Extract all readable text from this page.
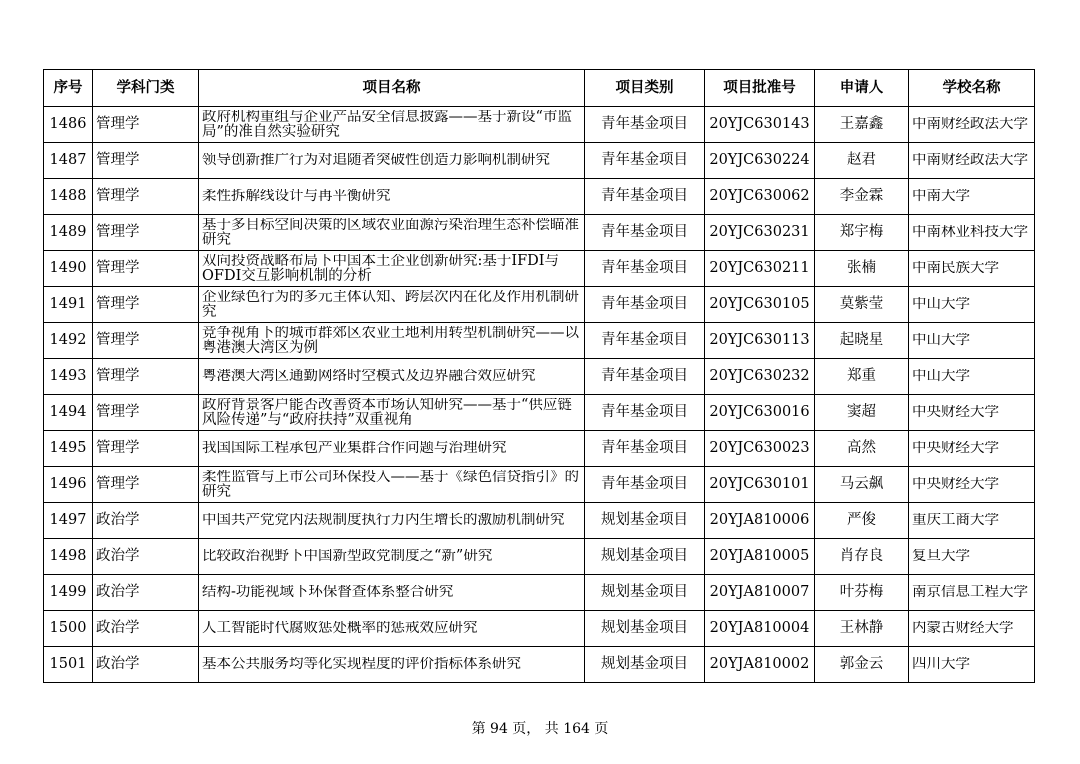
序号	学科门类	项目名称	项目类别	项目批准号	申请人	学校名称
1486	管理学	政府机构重组与企业产品安全信息披露——基于新设“市监局”的准自然实验研究	青年基金项目	20YJC630143	王嘉鑫	中南财经政法大学

1487	管理学	领导创新推广行为对追随者突破性创造力影响机制研究	青年基金项目	20YJC630224	赵君	中南财经政法大学

1488	管理学	柔性拆解线设计与再平衡研究	青年基金项目	20YJC630062	李金霖	中南大学

1489	管理学	基于多目标空间决策的区域农业面源污染治理生态补偿瞄准研究	青年基金项目	20YJC630231	郑宇梅	中南林业科技大学

1490	管理学	双向投资战略布局下中国本土企业创新研究:基于IFDI与OFDI交互影响机制的分析	青年基金项目	20YJC630211	张楠	中南民族大学

1491	管理学	企业绿色行为的多元主体认知、跨层次内在化及作用机制研究	青年基金项目	20YJC630105	莫紫莹	中山大学

1492	管理学	竞争视角下的城市群郊区农业土地利用转型机制研究——以粤港澳大湾区为例	青年基金项目	20YJC630113	起晓星	中山大学

1493	管理学	粤港澳大湾区通勤网络时空模式及边界融合效应研究	青年基金项目	20YJC630232	郑重	中山大学

1494	管理学	政府背景客户能否改善资本市场认知研究——基于“供应链风险传递”与“政府扶持”双重视角	青年基金项目	20YJC630016	窦超	中央财经大学

1495	管理学	我国国际工程承包产业集群合作问题与治理研究	青年基金项目	20YJC630023	高然	中央财经大学

1496	管理学	柔性监管与上市公司环保投入——基于《绿色信贷指引》的研究	青年基金项目	20YJC630101	马云飙	中央财经大学

1497	政治学	中国共产党党内法规制度执行力内生增长的激励机制研究	规划基金项目	20YJA810006	严俊	重庆工商大学

1498	政治学	比较政治视野下中国新型政党制度之“新”研究	规划基金项目	20YJA810005	肖存良	复旦大学

1499	政治学	结构-功能视域下环保督查体系整合研究	规划基金项目	20YJA810007	叶芬梅	南京信息工程大学

1500	政治学	人工智能时代腐败惩处概率的惩戒效应研究	规划基金项目	20YJA810004	王林静	内蒙古财经大学

1501	政治学	基本公共服务均等化实现程度的评价指标体系研究	规划基金项目	20YJA810002	郭金云	四川大学
第 94 页， 共 164 页
